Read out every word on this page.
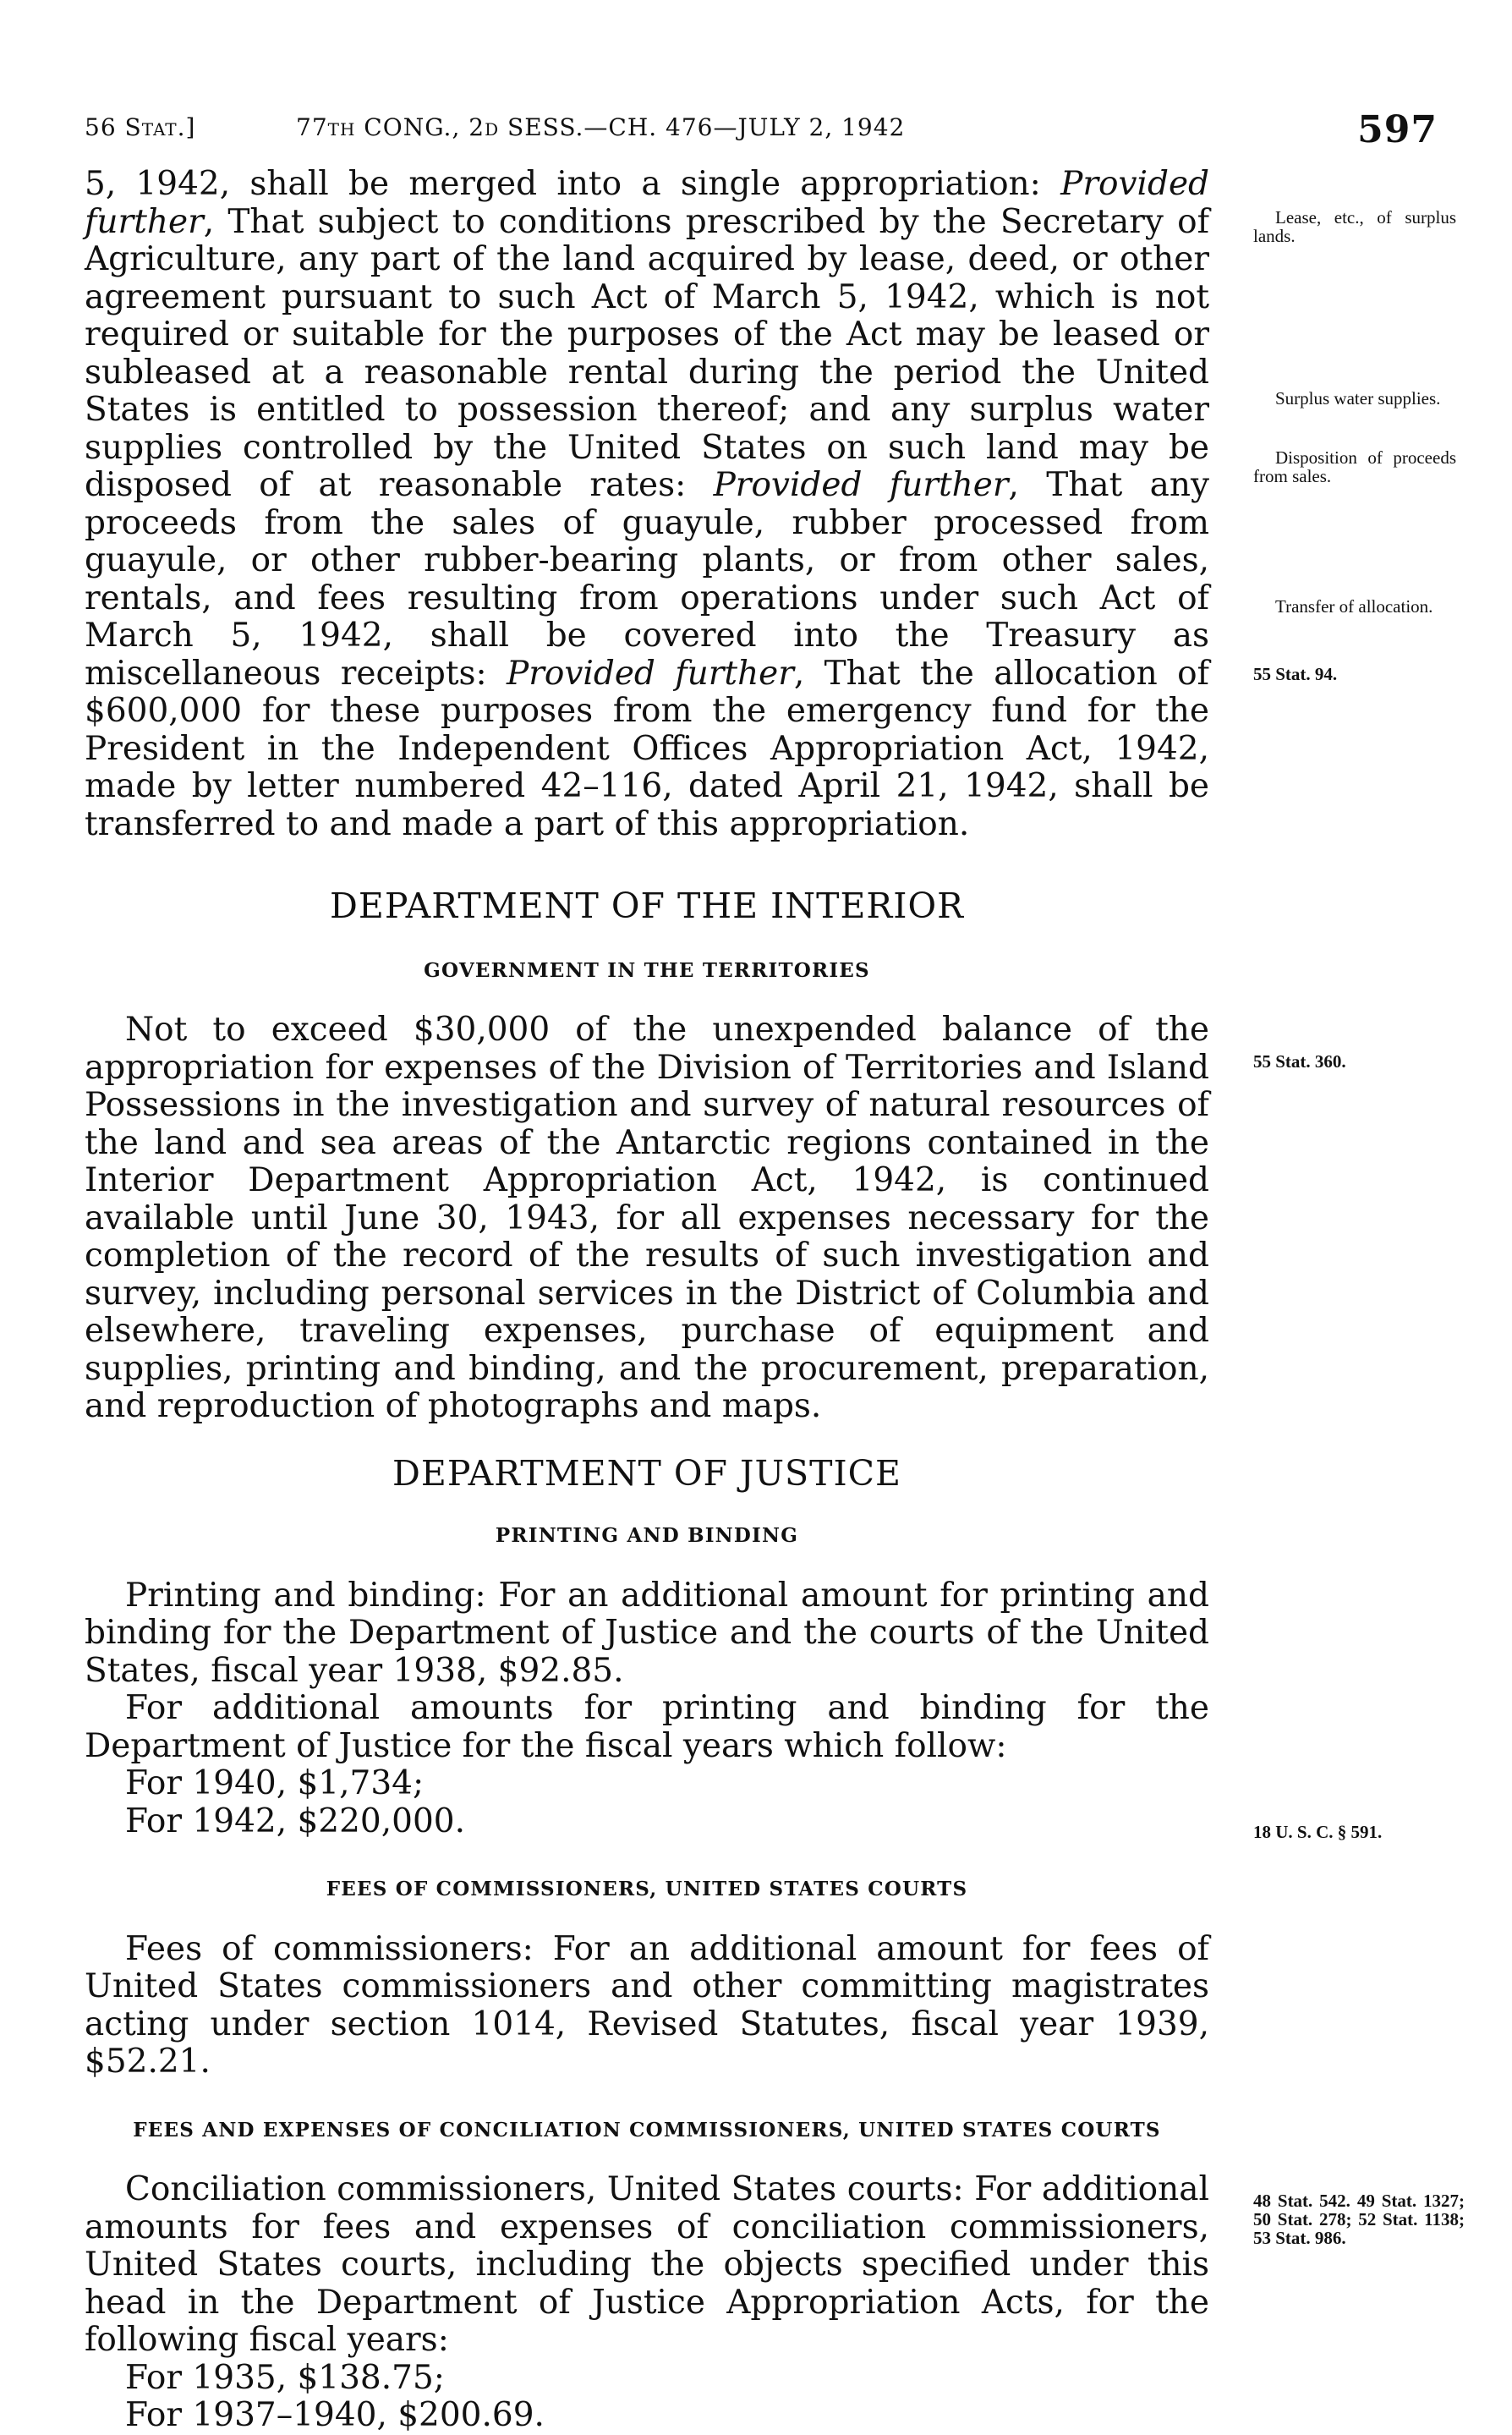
56 Stat.]	77th CONG., 2d SESS.—CH. 476—JULY 2, 1942	597

5, 1942, shall be merged into a single appropriation: Provided further, That subject to conditions prescribed by the Secretary of Agriculture, any part of the land acquired by lease, deed, or other agreement pursuant to such Act of March 5, 1942, which is not required or suitable for the purposes of the Act may be leased or subleased at a reasonable rental during the period the United States is entitled to possession thereof; and any surplus water supplies controlled by the United States on such land may be disposed of at reasonable rates: Provided further, That any proceeds from the sales of guayule, rubber processed from guayule, or other rubber-bearing plants, or from other sales, rentals, and fees resulting from operations under such Act of March 5, 1942, shall be covered into the Treasury as miscellaneous receipts: Provided further, That the allocation of $600,000 for these purposes from the emergency fund for the President in the Independent Offices Appropriation Act, 1942, made by letter numbered 42–116, dated April 21, 1942, shall be transferred to and made a part of this appropriation.

DEPARTMENT OF THE INTERIOR
GOVERNMENT IN THE TERRITORIES

Not to exceed $30,000 of the unexpended balance of the appropriation for expenses of the Division of Territories and Island Possessions in the investigation and survey of natural resources of the land and sea areas of the Antarctic regions contained in the Interior Department Appropriation Act, 1942, is continued available until June 30, 1943, for all expenses necessary for the completion of the record of the results of such investigation and survey, including personal services in the District of Columbia and elsewhere, traveling expenses, purchase of equipment and supplies, printing and binding, and the procurement, preparation, and reproduction of photographs and maps.

DEPARTMENT OF JUSTICE
PRINTING AND BINDING

Printing and binding: For an additional amount for printing and binding for the Department of Justice and the courts of the United States, fiscal year 1938, $92.85.

For additional amounts for printing and binding for the Department of Justice for the fiscal years which follow:

For 1940, $1,734;

For 1942, $220,000.

FEES OF COMMISSIONERS, UNITED STATES COURTS

Fees of commissioners: For an additional amount for fees of United States commissioners and other committing magistrates acting under section 1014, Revised Statutes, fiscal year 1939, $52.21.

FEES AND EXPENSES OF CONCILIATION COMMISSIONERS, UNITED STATES COURTS

Conciliation commissioners, United States courts: For additional amounts for fees and expenses of conciliation commissioners, United States courts, including the objects specified under this head in the Department of Justice Appropriation Acts, for the following fiscal years:

For 1935, $138.75;

For 1937–1940, $200.69.

Lease, etc., of surplus lands.
Surplus water supplies.
Disposition of proceeds from sales.
Transfer of allocation.
55 Stat. 94.
55 Stat. 360.
18 U. S. C. § 591.
48 Stat. 542. 49 Stat. 1327; 50 Stat. 278; 52 Stat. 1138; 53 Stat. 986.
